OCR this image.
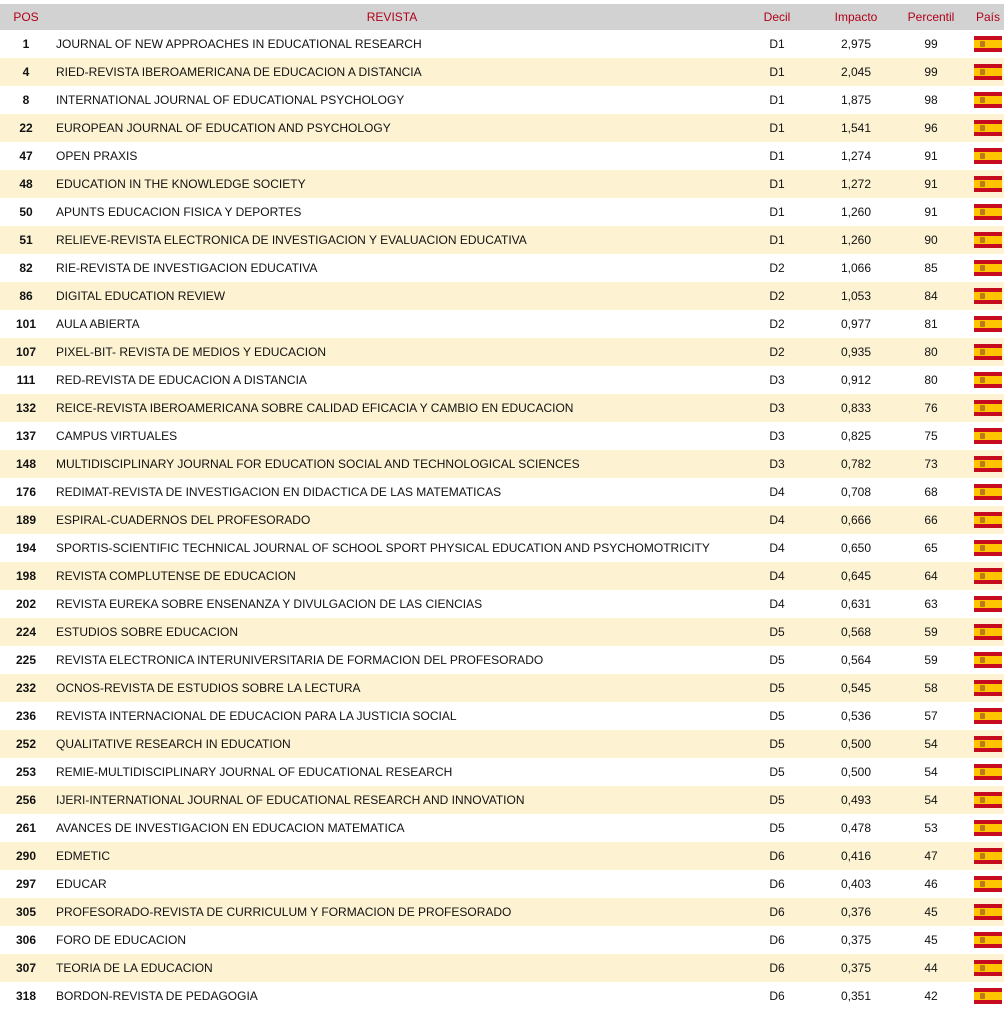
POS	REVISTA	Decil	Impacto	Percentil	País
1	JOURNAL OF NEW APPROACHES IN EDUCATIONAL RESEARCH	D1	2,975	99	
4	RIED-REVISTA IBEROAMERICANA DE EDUCACION A DISTANCIA	D1	2,045	99	
8	INTERNATIONAL JOURNAL OF EDUCATIONAL PSYCHOLOGY	D1	1,875	98	
22	EUROPEAN JOURNAL OF EDUCATION AND PSYCHOLOGY	D1	1,541	96	
47	OPEN PRAXIS	D1	1,274	91	
48	EDUCATION IN THE KNOWLEDGE SOCIETY	D1	1,272	91	
50	APUNTS EDUCACION FISICA Y DEPORTES	D1	1,260	91	
51	RELIEVE-REVISTA ELECTRONICA DE INVESTIGACION Y EVALUACION EDUCATIVA	D1	1,260	90	
82	RIE-REVISTA DE INVESTIGACION EDUCATIVA	D2	1,066	85	
86	DIGITAL EDUCATION REVIEW	D2	1,053	84	
101	AULA ABIERTA	D2	0,977	81	
107	PIXEL-BIT- REVISTA DE MEDIOS Y EDUCACION	D2	0,935	80	
111	RED-REVISTA DE EDUCACION A DISTANCIA	D3	0,912	80	
132	REICE-REVISTA IBEROAMERICANA SOBRE CALIDAD EFICACIA Y CAMBIO EN EDUCACION	D3	0,833	76	
137	CAMPUS VIRTUALES	D3	0,825	75	
148	MULTIDISCIPLINARY JOURNAL FOR EDUCATION SOCIAL AND TECHNOLOGICAL SCIENCES	D3	0,782	73	
176	REDIMAT-REVISTA DE INVESTIGACION EN DIDACTICA DE LAS MATEMATICAS	D4	0,708	68	
189	ESPIRAL-CUADERNOS DEL PROFESORADO	D4	0,666	66	
194	SPORTIS-SCIENTIFIC TECHNICAL JOURNAL OF SCHOOL SPORT PHYSICAL EDUCATION AND PSYCHOMOTRICITY	D4	0,650	65	
198	REVISTA COMPLUTENSE DE EDUCACION	D4	0,645	64	
202	REVISTA EUREKA SOBRE ENSENANZA Y DIVULGACION DE LAS CIENCIAS	D4	0,631	63	
224	ESTUDIOS SOBRE EDUCACION	D5	0,568	59	
225	REVISTA ELECTRONICA INTERUNIVERSITARIA DE FORMACION DEL PROFESORADO	D5	0,564	59	
232	OCNOS-REVISTA DE ESTUDIOS SOBRE LA LECTURA	D5	0,545	58	
236	REVISTA INTERNACIONAL DE EDUCACION PARA LA JUSTICIA SOCIAL	D5	0,536	57	
252	QUALITATIVE RESEARCH IN EDUCATION	D5	0,500	54	
253	REMIE-MULTIDISCIPLINARY JOURNAL OF EDUCATIONAL RESEARCH	D5	0,500	54	
256	IJERI-INTERNATIONAL JOURNAL OF EDUCATIONAL RESEARCH AND INNOVATION	D5	0,493	54	
261	AVANCES DE INVESTIGACION EN EDUCACION MATEMATICA	D5	0,478	53	
290	EDMETIC	D6	0,416	47	
297	EDUCAR	D6	0,403	46	
305	PROFESORADO-REVISTA DE CURRICULUM Y FORMACION DE PROFESORADO	D6	0,376	45	
306	FORO DE EDUCACION	D6	0,375	45	
307	TEORIA DE LA EDUCACION	D6	0,375	44	
318	BORDON-REVISTA DE PEDAGOGIA	D6	0,351	42	
